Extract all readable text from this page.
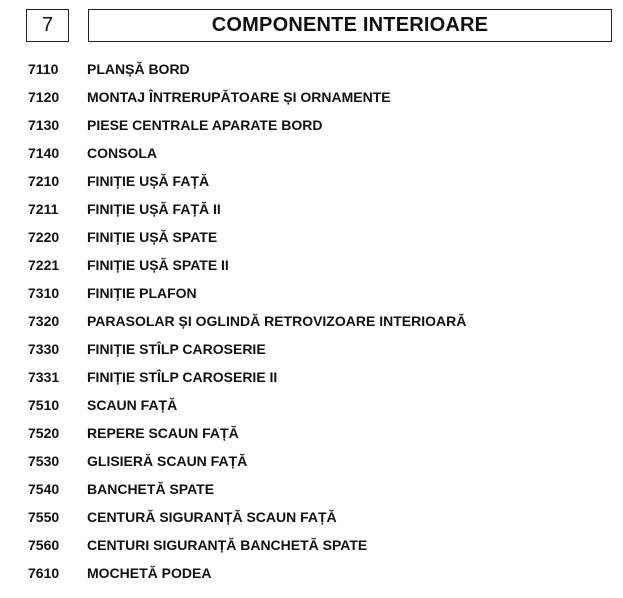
7	COMPONENTE INTERIOARE
7110	PLANȘĂ BORD
7120	MONTAJ ÎNTRERUPĂTOARE ȘI ORNAMENTE
7130	PIESE CENTRALE APARATE BORD
7140	CONSOLA
7210	FINIȚIE UȘĂ FAȚĂ
7211	FINIȚIE UȘĂ FAȚĂ II
7220	FINIȚIE UȘĂ SPATE
7221	FINIȚIE UȘĂ SPATE II
7310	FINIȚIE PLAFON
7320	PARASOLAR ȘI OGLINDĂ RETROVIZOARE INTERIOARĂ
7330	FINIȚIE STÎLP CAROSERIE
7331	FINIȚIE STÎLP CAROSERIE II
7510	SCAUN FAȚĂ
7520	REPERE SCAUN FAȚĂ
7530	GLISIERĂ SCAUN FAȚĂ
7540	BANCHETĂ SPATE
7550	CENTURĂ SIGURANȚĂ SCAUN FAȚĂ
7560	CENTURI SIGURANȚĂ BANCHETĂ SPATE
7610	MOCHETĂ PODEA
